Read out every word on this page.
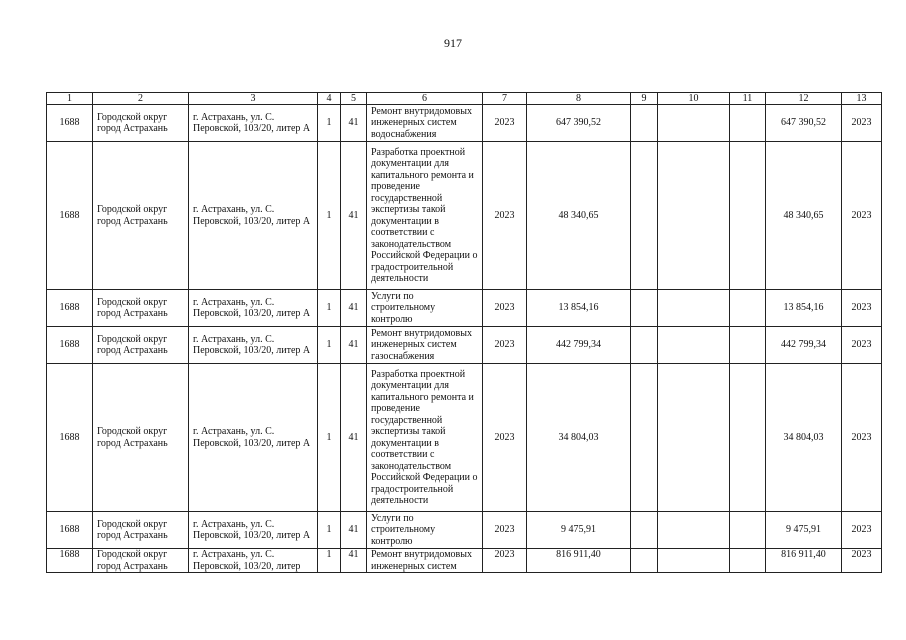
917
1	2	3	4	5	6	7	8	9	10	11	12	13
1688	Городской округ город Астрахань	г. Астрахань, ул. С. Перовской, 103/20, литер А	1	41	Ремонт внутридомовых инженерных систем водоснабжения	2023	647 390,52				647 390,52	2023
1688	Городской округ город Астрахань	г. Астрахань, ул. С. Перовской, 103/20, литер А	1	41	Разработка проектной документации для капитального ремонта и проведение государственной экспертизы такой документации в соответствии с законодательством Российской Федерации о градостроительной деятельности	2023	48 340,65				48 340,65	2023
1688	Городской округ город Астрахань	г. Астрахань, ул. С. Перовской, 103/20, литер А	1	41	Услуги по строительному контролю	2023	13 854,16				13 854,16	2023
1688	Городской округ город Астрахань	г. Астрахань, ул. С. Перовской, 103/20, литер А	1	41	Ремонт внутридомовых инженерных систем газоснабжения	2023	442 799,34				442 799,34	2023
1688	Городской округ город Астрахань	г. Астрахань, ул. С. Перовской, 103/20, литер А	1	41	Разработка проектной документации для капитального ремонта и проведение государственной экспертизы такой документации в соответствии с законодательством Российской Федерации о градостроительной деятельности	2023	34 804,03				34 804,03	2023
1688	Городской округ город Астрахань	г. Астрахань, ул. С. Перовской, 103/20, литер А	1	41	Услуги по строительному контролю	2023	9 475,91				9 475,91	2023
1688	Городской округ город Астрахань	г. Астрахань, ул. С. Перовской, 103/20, литер	1	41	Ремонт внутридомовых инженерных систем	2023	816 911,40				816 911,40	2023
